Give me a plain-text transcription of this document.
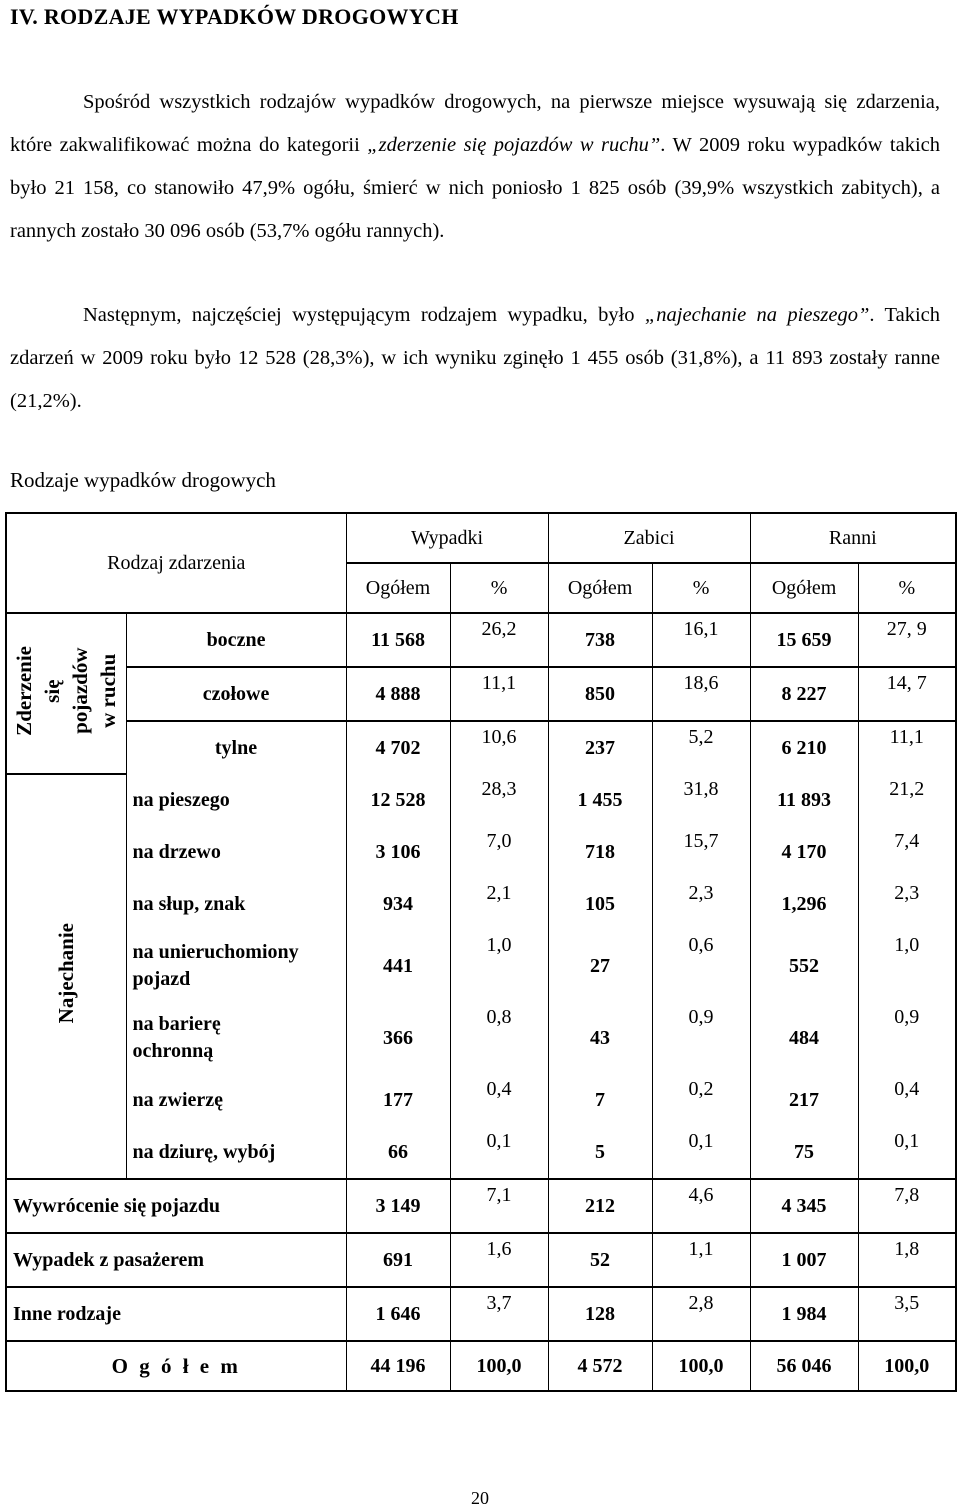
IV. RODZAJE WYPADKÓW DROGOWYCH

Spośród wszystkich rodzajów wypadków drogowych, na pierwsze miejsce wysuwają się zdarzenia, które zakwalifikować można do kategorii „zderzenie się pojazdów w ruchu”. W 2009 roku wypadków takich było 21 158, co stanowiło 47,9% ogółu, śmierć w nich poniosło 1 825 osób (39,9% wszystkich zabitych), a rannych zostało 30 096 osób (53,7% ogółu rannych).

Następnym, najczęściej występującym rodzajem wypadku, było „najechanie na pieszego”. Takich zdarzeń w 2009 roku było 12 528 (28,3%), w ich wyniku zginęło 1 455 osób (31,8%), a 11 893 zostały ranne (21,2%).

Rodzaje wypadków drogowych
Rodzaj zdarzenia		Wypadki		Zabici		Ranni	
		Ogółem	%	Ogółem	%	Ogółem	%

Zderzenie się pojazdów w ruchu	boczne	11 568	26,2	738	16,1	15 659	27, 9
	czołowe	4 888	11,1	850	18,6	8 227	14, 7
	tylne	4 702	10,6	237	5,2	6 210	11,1
Najechanie	na pieszego	12 528	28,3	1 455	31,8	11 893	21,2
	na drzewo	3 106	7,0	718	15,7	4 170	7,4
	na słup, znak	934	2,1	105	2,3	1,296	2,3
	na unieruchomiony pojazd	441	1,0	27	0,6	552	1,0
	na barierę ochronną	366	0,8	43	0,9	484	0,9
	na zwierzę	177	0,4	7	0,2	217	0,4
	na dziurę, wybój	66	0,1	5	0,1	75	0,1
Wywrócenie się pojazdu		3 149	7,1	212	4,6	4 345	7,8
Wypadek z pasażerem		691	1,6	52	1,1	1 007	1,8
Inne rodzaje		1 646	3,7	128	2,8	1 984	3,5
O g ó ł e m		44 196	100,0	4 572	100,0	56 046	100,0
20
